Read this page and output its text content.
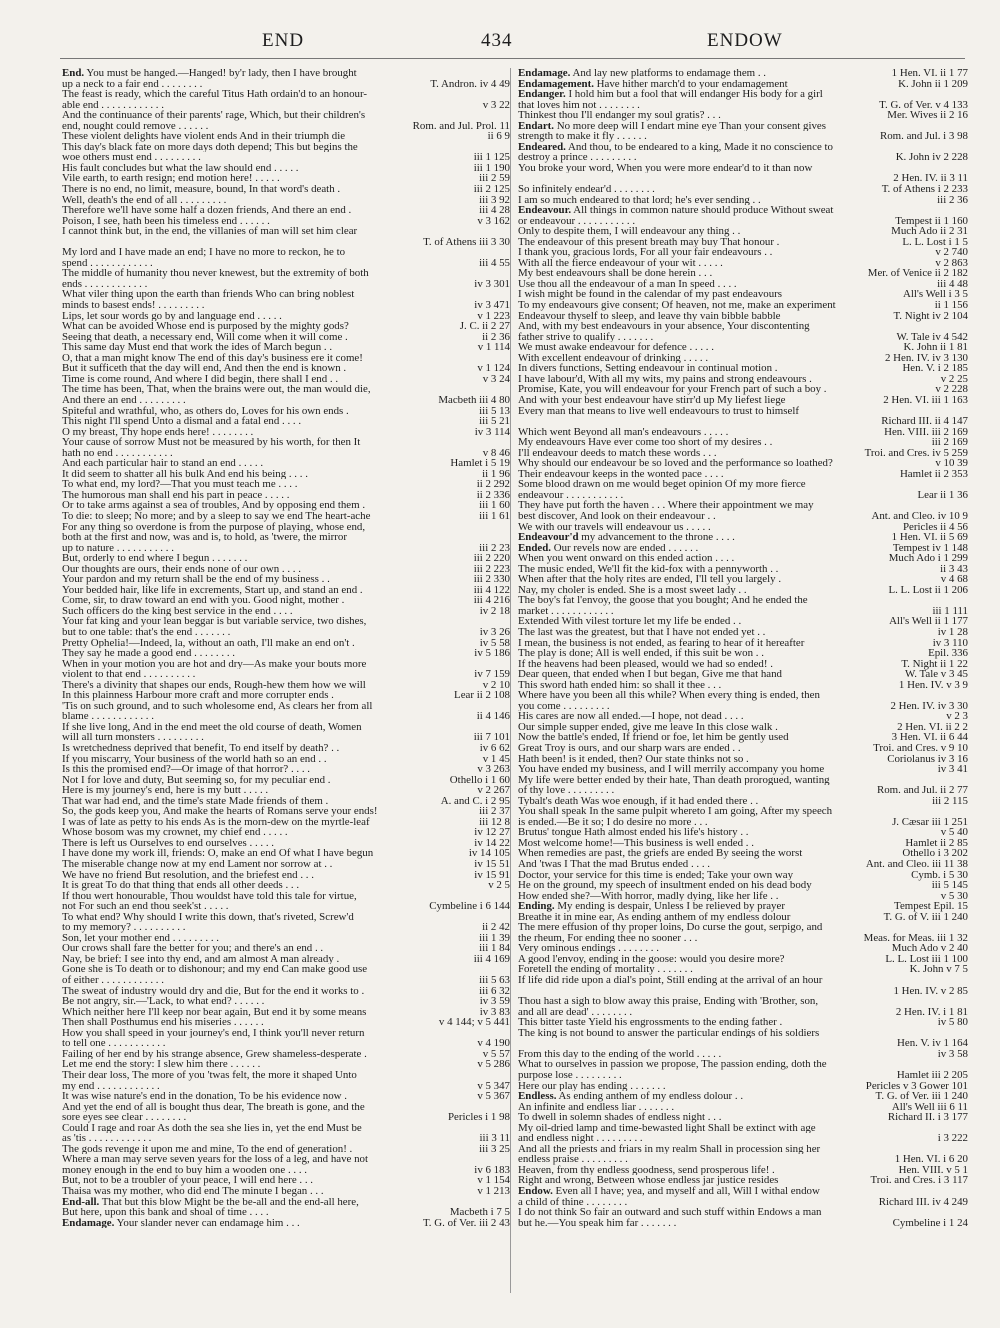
END	434	ENDOW
End. You must be hanged.—Hanged! by'r lady, then I have brought
up a neck to a fair end . . . . . . . .	T. Andron. iv 4 49
The feast is ready, which the careful Titus Hath ordain'd to an honour-
able end . . . . . . . . . . . .	v 3 22
And the continuance of their parents' rage, Which, but their children's
end, nought could remove . . . . . .	Rom. and Jul. Prol. 11
These violent delights have violent ends And in their triumph die	ii 6 9
This day's black fate on more days doth depend; This but begins the
woe others must end . . . . . . . . .	iii 1 125
His fault concludes but what the law should end . . . . .	iii 1 190
Vile earth, to earth resign; end motion here! . . . . .	iii 2 59
There is no end, no limit, measure, bound, In that word's death .	iii 2 125
Well, death's the end of all . . . . . . . . .	iii 3 92
Therefore we'll have some half a dozen friends, And there an end .	iii 4 28
Poison, I see, hath been his timeless end . . . . . .	v 3 162
I cannot think but, in the end, the villanies of man will set him clear
T. of Athens iii 3 30
My lord and I have made an end; I have no more to reckon, he to
spend . . . . . . . . . . . .	iii 4 55
The middle of humanity thou never knewest, but the extremity of both
ends . . . . . . . . . . . .	iv 3 301
What viler thing upon the earth than friends Who can bring noblest
minds to basest ends! . . . . . . . . .	iv 3 471
Lips, let sour words go by and language end . . . . .	v 1 223
What can be avoided Whose end is purposed by the mighty gods?	J. C. ii 2 27
Seeing that death, a necessary end, Will come when it will come .	ii 2 36
This same day Must end that work the ides of March begun . .	v 1 114
O, that a man might know The end of this day's business ere it come!
But it sufficeth that the day will end, And then the end is known .	v 1 124
Time is come round, And where I did begin, there shall I end . .	v 3 24
The time has been, That, when the brains were out, the man would die,
And there an end . . . . . . . . .	Macbeth iii 4 80
Spiteful and wrathful, who, as others do, Loves for his own ends .	iii 5 13
This night I'll spend Unto a dismal and a fatal end . . . .	iii 5 21
O my breast, Thy hope ends here! . . . . . . . .	iv 3 114
Your cause of sorrow Must not be measured by his worth, for then It
hath no end . . . . . . . . . . .	v 8 46
And each particular hair to stand an end . . . . .	Hamlet i 5 19
It did seem to shatter all his bulk And end his being . . . .	ii 1 96
To what end, my lord?—That you must teach me . . . .	ii 2 292
The humorous man shall end his part in peace . . . . .	ii 2 336
Or to take arms against a sea of troubles, And by opposing end them .	iii 1 60
To die: to sleep; No more; and by a sleep to say we end The heart-ache	iii 1 61
For any thing so overdone is from the purpose of playing, whose end,
both at the first and now, was and is, to hold, as 'twere, the mirror
up to nature . . . . . . . . . . .	iii 2 23
But, orderly to end where I begun . . . . . . .	iii 2 220
Our thoughts are ours, their ends none of our own . . . .	iii 2 223
Your pardon and my return shall be the end of my business . .	iii 2 330
Your bedded hair, like life in excrements, Start up, and stand an end .	iii 4 122
Come, sir, to draw toward an end with you. Good night, mother .	iii 4 216
Such officers do the king best service in the end . . . .	iv 2 18
Your fat king and your lean beggar is but variable service, two dishes,
but to one table: that's the end . . . . . . .	iv 3 26
Pretty Ophelia!—Indeed, la, without an oath, I'll make an end on't .	iv 5 58
They say he made a good end . . . . . . . .	iv 5 186
When in your motion you are hot and dry—As make your bouts more
violent to that end . . . . . . . . . .	iv 7 159
There's a divinity that shapes our ends, Rough-hew them how we will	v 2 10
In this plainness Harbour more craft and more corrupter ends .	Lear ii 2 108
'Tis on such ground, and to such wholesome end, As clears her from all
blame . . . . . . . . . . . .	ii 4 146
If she live long, And in the end meet the old course of death, Women
will all turn monsters . . . . . . . . .	iii 7 101
Is wretchedness deprived that benefit, To end itself by death? . .	iv 6 62
If you miscarry, Your business of the world hath so an end . .	v 1 45
Is this the promised end?—Or image of that horror? . . . .	v 3 263
Not I for love and duty, But seeming so, for my peculiar end .	Othello i 1 60
Here is my journey's end, here is my butt . . . . .	v 2 267
That war had end, and the time's state Made friends of them .	A. and C. i 2 95
So, the gods keep you, And make the hearts of Romans serve your ends!	iii 2 37
I was of late as petty to his ends As is the morn-dew on the myrtle-leaf	iii 12 8
Whose bosom was my crownet, my chief end . . . . .	iv 12 27
There is left us Ourselves to end ourselves . . . . .	iv 14 22
I have done my work ill, friends: O, make an end Of what I have begun	iv 14 105
The miserable change now at my end Lament nor sorrow at . .	iv 15 51
We have no friend But resolution, and the briefest end . . .	iv 15 91
It is great To do that thing that ends all other deeds . . .	v 2 5
If thou wert honourable, Thou wouldst have told this tale for virtue,
not For such an end thou seek'st . . . . .	Cymbeline i 6 144
To what end? Why should I write this down, that's riveted, Screw'd
to my memory? . . . . . . . . . .	ii 2 42
Son, let your mother end . . . . . . . . .	iii 1 39
Our crows shall fare the better for you; and there's an end . .	iii 1 84
Nay, be brief: I see into thy end, and am almost A man already .	iii 4 169
Gone she is To death or to dishonour; and my end Can make good use
of either . . . . . . . . . . . .	iii 5 63
The sweat of industry would dry and die, But for the end it works to .	iii 6 32
Be not angry, sir.—'Lack, to what end? . . . . . .	iv 3 59
Which neither here I'll keep nor bear again, But end it by some means	iv 3 83
Then shall Posthumus end his miseries . . . . . .	v 4 144; v 5 441
How you shall speed in your journey's end, I think you'll never return
to tell one . . . . . . . . . . .	v 4 190
Failing of her end by his strange absence, Grew shameless-desperate .	v 5 57
Let me end the story: I slew him there . . . . . .	v 5 286
Their dear loss, The more of you 'twas felt, the more it shaped Unto
my end . . . . . . . . . . . .	v 5 347
It was wise nature's end in the donation, To be his evidence now .	v 5 367
And yet the end of all is bought thus dear, The breath is gone, and the
sore eyes see clear . . . . . . . .	Pericles i 1 98
Could I rage and roar As doth the sea she lies in, yet the end Must be
as 'tis . . . . . . . . . . . .	iii 3 11
The gods revenge it upon me and mine, To the end of generation! .	iii 3 25
Where a man may serve seven years for the loss of a leg, and have not
money enough in the end to buy him a wooden one . . . .	iv 6 183
But, not to be a troubler of your peace, I will end here . . .	v 1 154
Thaisa was my mother, who did end The minute I began . . .	v 1 213
End-all. That but this blow Might be the be-all and the end-all here,
But here, upon this bank and shoal of time . . . .	Macbeth i 7 5
Endamage. Your slander never can endamage him . . .	T. G. of Ver. iii 2 43
Endamage. And lay new platforms to endamage them . .	1 Hen. VI. ii 1 77
Endamagement. Have hither march'd to your endamagement	K. John ii 1 209
Endanger. I hold him but a fool that will endanger His body for a girl
that loves him not . . . . . . . .	T. G. of Ver. v 4 133
Thinkest thou I'll endanger my soul gratis? . . .	Mer. Wives ii 2 16
Endart. No more deep will I endart mine eye Than your consent gives
strength to make it fly . . . . . .	Rom. and Jul. i 3 98
Endeared. And thou, to be endeared to a king, Made it no conscience to
destroy a prince . . . . . . . . .	K. John iv 2 228
You broke your word, When you were more endear'd to it than now
2 Hen. IV. ii 3 11
So infinitely endear'd . . . . . . . .	T. of Athens i 2 233
I am so much endeared to that lord; he's ever sending . .	iii 2 36
Endeavour. All things in common nature should produce Without sweat
or endeavour . . . . . . . . . . .	Tempest ii 1 160
Only to despite them, I will endeavour any thing . .	Much Ado ii 2 31
The endeavour of this present breath may buy That honour .	L. L. Lost i 1 5
I thank you, gracious lords, For all your fair endeavours . .	v 2 740
With all the fierce endeavour of your wit . . . . .	v 2 863
My best endeavours shall be done herein . . .	Mer. of Venice ii 2 182
Use thou all the endeavour of a man In speed . . . .	iii 4 48
I wish might be found in the calendar of my past endeavours	All's Well i 3 5
To my endeavours give consent; Of heaven, not me, make an experiment	ii 1 156
Endeavour thyself to sleep, and leave thy vain bibble babble	T. Night iv 2 104
And, with my best endeavours in your absence, Your discontenting
father strive to qualify . . . . . . .	W. Tale iv 4 542
We must awake endeavour for defence . . . . .	K. John ii 1 81
With excellent endeavour of drinking . . . . .	2 Hen. IV. iv 3 130
In divers functions, Setting endeavour in continual motion .	Hen. V. i 2 185
I have labour'd, With all my wits, my pains and strong endeavours .	v 2 25
Promise, Kate, you will endeavour for your French part of such a boy .	v 2 228
And with your best endeavour have stirr'd up My liefest liege	2 Hen. VI. iii 1 163
Every man that means to live well endeavours to trust to himself
Richard III. ii 4 147
Which went Beyond all man's endeavours . . . . .	Hen. VIII. iii 2 169
My endeavours Have ever come too short of my desires . .	iii 2 169
I'll endeavour deeds to match these words . . .	Troi. and Cres. iv 5 259
Why should our endeavour be so loved and the performance so loathed?	v 10 39
Their endeavour keeps in the wonted pace . . . .	Hamlet ii 2 353
Some blood drawn on me would beget opinion Of my more fierce
endeavour . . . . . . . . . . .	Lear ii 1 36
They have put forth the haven . . . Where their appointment we may
best discover, And look on their endeavour . .	Ant. and Cleo. iv 10 9
We with our travels will endeavour us . . . . .	Pericles ii 4 56
Endeavour'd my advancement to the throne . . . .	1 Hen. VI. ii 5 69
Ended. Our revels now are ended . . . . . .	Tempest iv 1 148
When you went onward on this ended action . . . .	Much Ado i 1 299
The music ended, We'll fit the kid-fox with a pennyworth . .	ii 3 43
When after that the holy rites are ended, I'll tell you largely .	v 4 68
Nay, my choler is ended. She is a most sweet lady . .	L. L. Lost ii 1 206
The boy's fat l'envoy, the goose that you bought; And he ended the
market . . . . . . . . . . . .	iii 1 111
Extended With vilest torture let my life be ended . .	All's Well ii 1 177
The last was the greatest, but that I have not ended yet . .	iv 1 28
I mean, the business is not ended, as fearing to hear of it hereafter	iv 3 110
The play is done; All is well ended, if this suit be won . .	Epil. 336
If the heavens had been pleased, would we had so ended! .	T. Night ii 1 22
Dear queen, that ended when I but began, Give me that hand	W. Tale v 3 45
This sword hath ended him: so shall it thee . . .	1 Hen. IV. v 3 9
Where have you been all this while? When every thing is ended, then
you come . . . . . . . . .	2 Hen. IV. iv 3 30
His cares are now all ended.—I hope, not dead . . . .	v 2 3
Our simple supper ended, give me leave In this close walk .	2 Hen. VI. ii 2 2
Now the battle's ended, If friend or foe, let him be gently used	3 Hen. VI. ii 6 44
Great Troy is ours, and our sharp wars are ended . .	Troi. and Cres. v 9 10
Hath been! is it ended, then? Our state thinks not so .	Coriolanus iv 3 16
You have ended my business, and I will merrily accompany you home	iv 3 41
My life were better ended by their hate, Than death prorogued, wanting
of thy love . . . . . . . . .	Rom. and Jul. ii 2 77
Tybalt's death Was woe enough, if it had ended there . .	iii 2 115
You shall speak In the same pulpit whereto I am going, After my speech
is ended.—Be it so; I do desire no more . . .	J. Cæsar iii 1 251
Brutus' tongue Hath almost ended his life's history . .	v 5 40
Most welcome home!—This business is well ended . .	Hamlet ii 2 85
When remedies are past, the griefs are ended By seeing the worst	Othello i 3 202
And 'twas I That the mad Brutus ended . . . .	Ant. and Cleo. iii 11 38
Doctor, your service for this time is ended; Take your own way	Cymb. i 5 30
He on the ground, my speech of insultment ended on his dead body	iii 5 145
How ended she?—With horror, madly dying, like her life . .	v 5 30
Ending. My ending is despair, Unless I be relieved by prayer	Tempest Epil. 15
Breathe it in mine ear, As ending anthem of my endless dolour	T. G. of V. iii 1 240
The mere effusion of thy proper loins, Do curse the gout, serpigo, and
the rheum, For ending thee no sooner . . .	Meas. for Meas. iii 1 32
Very ominous endings . . . . . . . .	Much Ado v 2 40
A good l'envoy, ending in the goose: would you desire more?	L. L. Lost iii 1 100
Foretell the ending of mortality . . . . . . .	K. John v 7 5
If life did ride upon a dial's point, Still ending at the arrival of an hour
1 Hen. IV. v 2 85
Thou hast a sigh to blow away this praise, Ending with 'Brother, son,
and all are dead' . . . . . . . .	2 Hen. IV. i 1 81
This bitter taste Yield his engrossments to the ending father .	iv 5 80
The king is not bound to answer the particular endings of his soldiers
Hen. V. iv 1 164
From this day to the ending of the world . . . . .	iv 3 58
What to ourselves in passion we propose, The passion ending, doth the
purpose lose . . . . . . . . .	Hamlet iii 2 205
Here our play has ending . . . . . . .	Pericles v 3 Gower 101
Endless. As ending anthem of my endless dolour . .	T. G. of Ver. iii 1 240
An infinite and endless liar . . . . . . .	All's Well iii 6 11
To dwell in solemn shades of endless night . . .	Richard II. i 3 177
My oil-dried lamp and time-bewasted light Shall be extinct with age
and endless night . . . . . . . . .	i 3 222
And all the priests and friars in my realm Shall in procession sing her
endless praise . . . . . . . . .	1 Hen. VI. i 6 20
Heaven, from thy endless goodness, send prosperous life! .	Hen. VIII. v 5 1
Right and wrong, Between whose endless jar justice resides	Troi. and Cres. i 3 117
Endow. Even all I have; yea, and myself and all, Will I withal endow
a child of thine . . . . . . . .	Richard III. iv 4 249
I do not think So fair an outward and such stuff within Endows a man
but he.—You speak him far . . . . . . .	Cymbeline i 1 24
